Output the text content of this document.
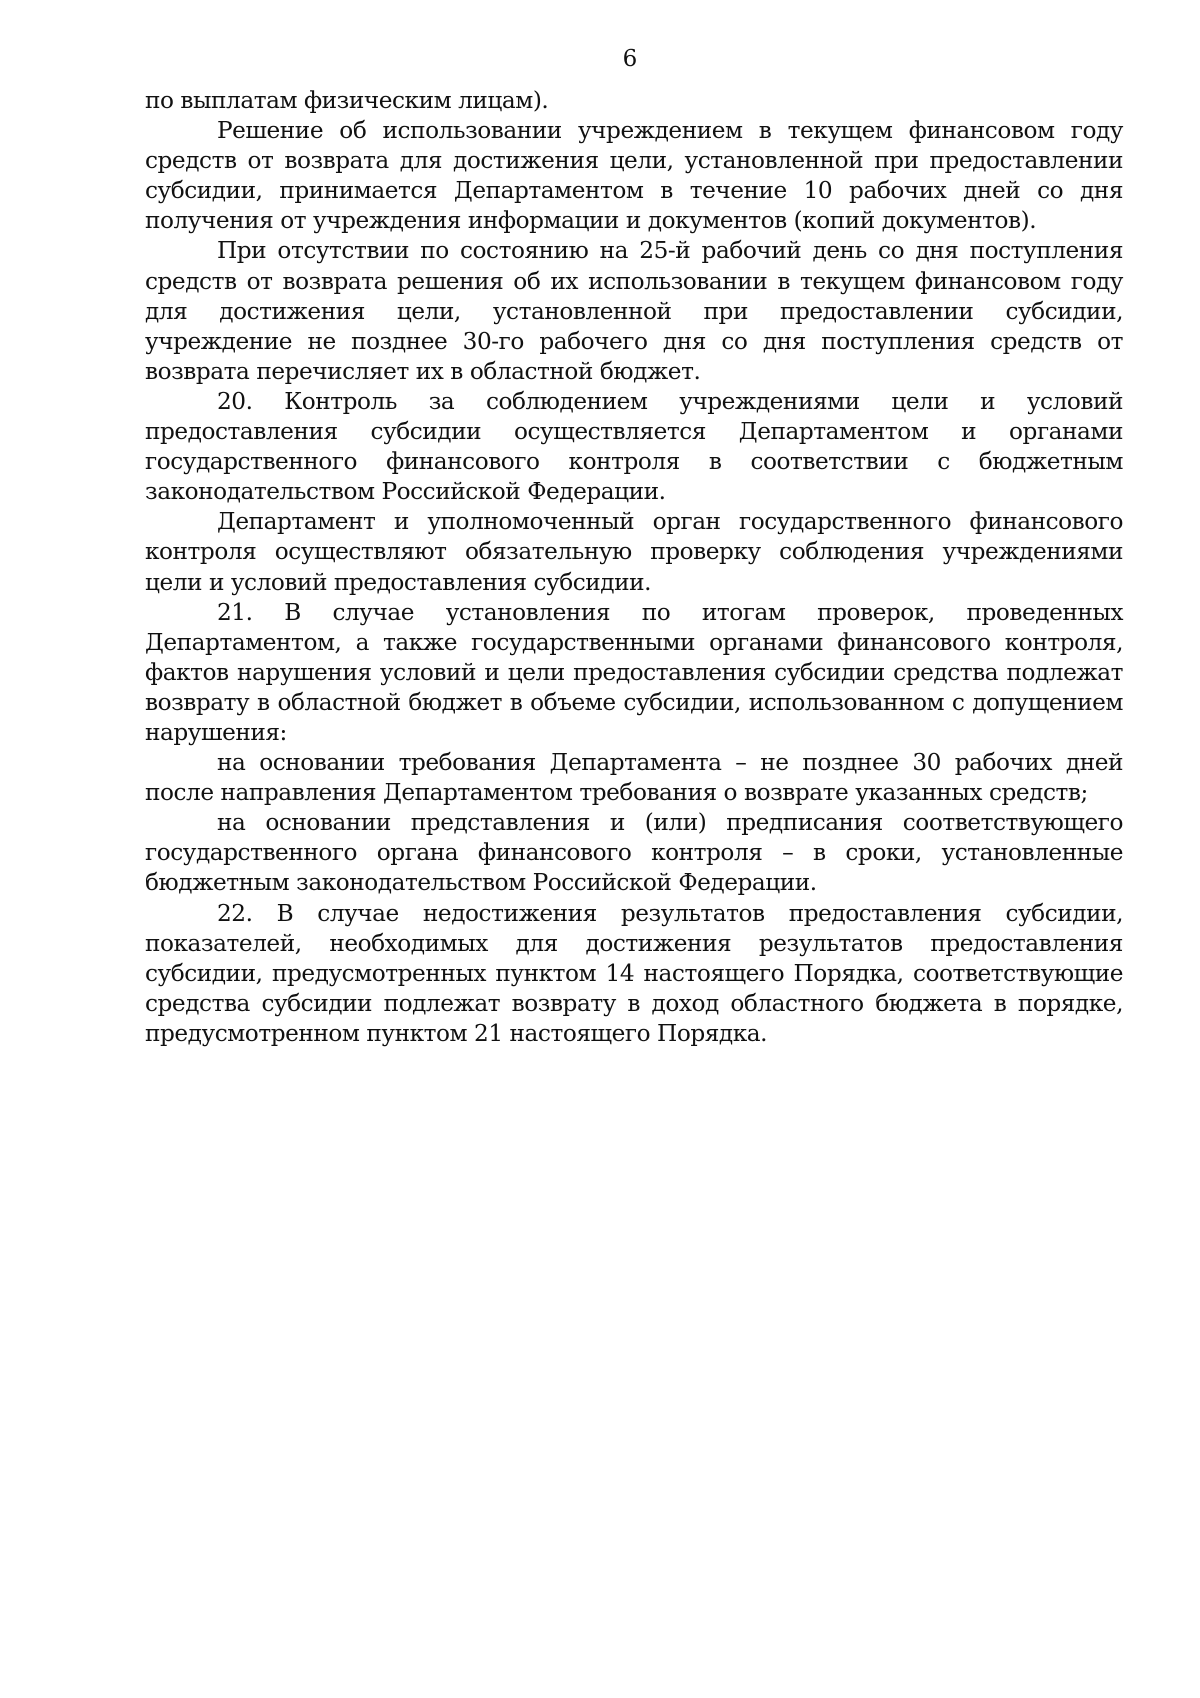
6

по выплатам физическим лицам).

Решение об использовании учреждением в текущем финансовом году средств от возврата для достижения цели, установленной при предоставлении субсидии, принимается Департаментом в течение 10 рабочих дней со дня получения от учреждения информации и документов (копий документов).

При отсутствии по состоянию на 25-й рабочий день со дня поступления средств от возврата решения об их использовании в текущем финансовом году для достижения цели, установленной при предоставлении субсидии, учреждение не позднее 30-го рабочего дня со дня поступления средств от возврата перечисляет их в областной бюджет.

20. Контроль за соблюдением учреждениями цели и условий предоставления субсидии осуществляется Департаментом и органами государственного финансового контроля в соответствии с бюджетным законодательством Российской Федерации.

Департамент и уполномоченный орган государственного финансового контроля осуществляют обязательную проверку соблюдения учреждениями цели и условий предоставления субсидии.

21. В случае установления по итогам проверок, проведенных Департаментом, а также государственными органами финансового контроля, фактов нарушения условий и цели предоставления субсидии средства подлежат возврату в областной бюджет в объеме субсидии, использованном с допущением нарушения:

на основании требования Департамента – не позднее 30 рабочих дней после направления Департаментом требования о возврате указанных средств;

на основании представления и (или) предписания соответствующего государственного органа финансового контроля – в сроки, установленные бюджетным законодательством Российской Федерации.

22. В случае недостижения результатов предоставления субсидии, показателей, необходимых для достижения результатов предоставления субсидии, предусмотренных пунктом 14 настоящего Порядка, соответствующие средства субсидии подлежат возврату в доход областного бюджета в порядке, предусмотренном пунктом 21 настоящего Порядка.
